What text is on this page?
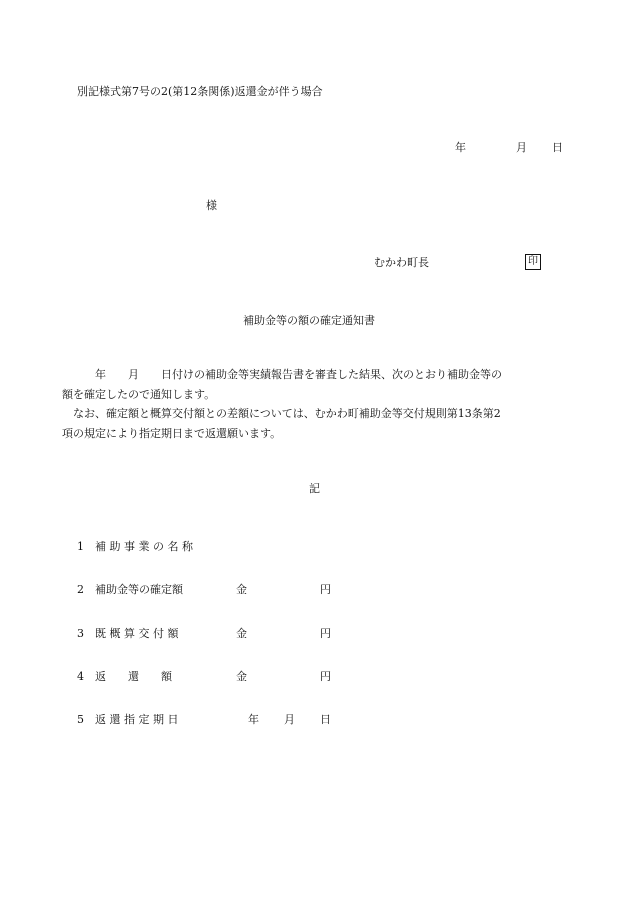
別記様式第7号の2(第12条関係)返還金が伴う場合
年	月 日
様
むかわ町長	印
補助金等の額の確定通知書

　　　年　　月　　日付けの補助金等実績報告書を審査した結果、次のとおり補助金等の

額を確定したので通知します。

　なお、確定額と概算交付額との差額については、むかわ町補助金等交付規則第13条第2

項の規定により指定期日まで返還願います。

記
1 補 助 事 業 の 名 称
2 補助金等の確定額	金	円
3 既 概 算 交 付 額	金	円
4 返　　還　　額	金	円
5 返 還 指 定 期 日	年 月 日
